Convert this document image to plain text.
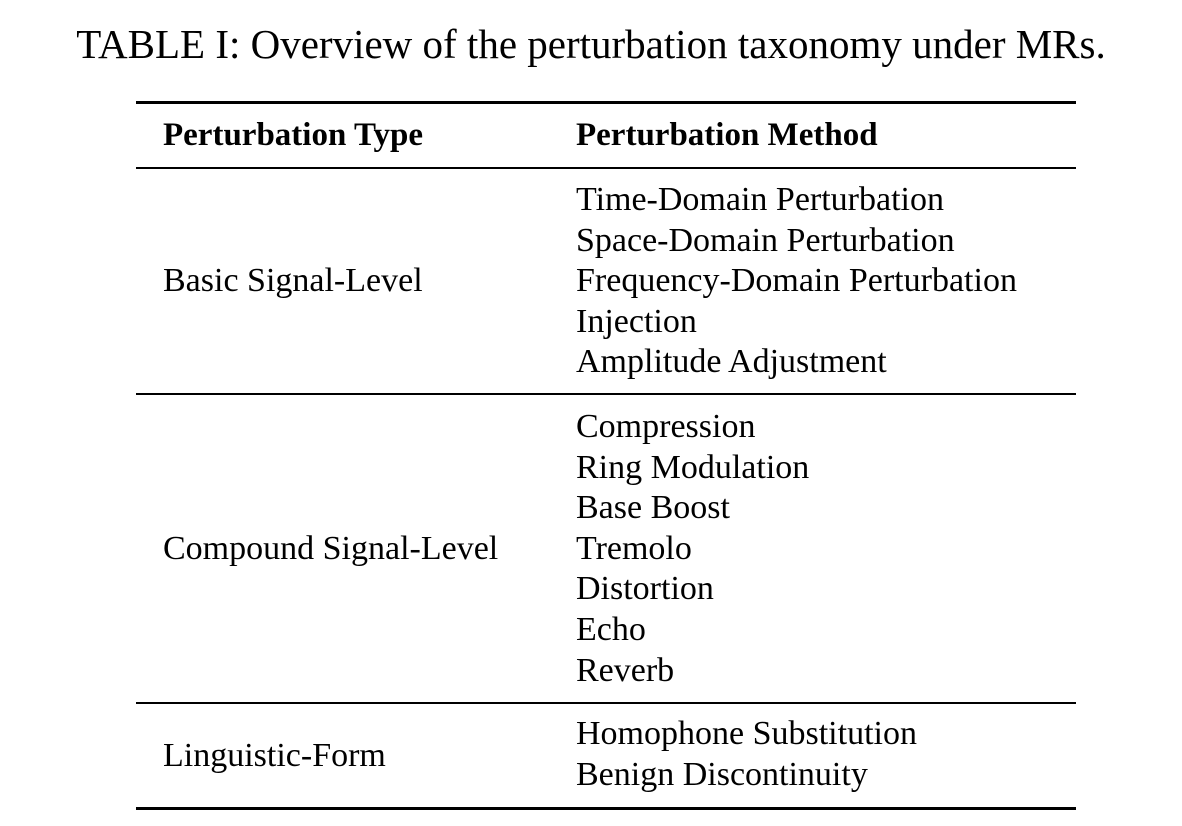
TABLE I: Overview of the perturbation taxonomy under MRs.
Perturbation Type	Perturbation Method
Basic Signal-Level
Time-Domain Perturbation
Space-Domain Perturbation
Frequency-Domain Perturbation
Injection
Amplitude Adjustment
Compound Signal-Level
Compression
Ring Modulation
Base Boost
Tremolo
Distortion
Echo
Reverb
Linguistic-Form
Homophone Substitution
Benign Discontinuity
